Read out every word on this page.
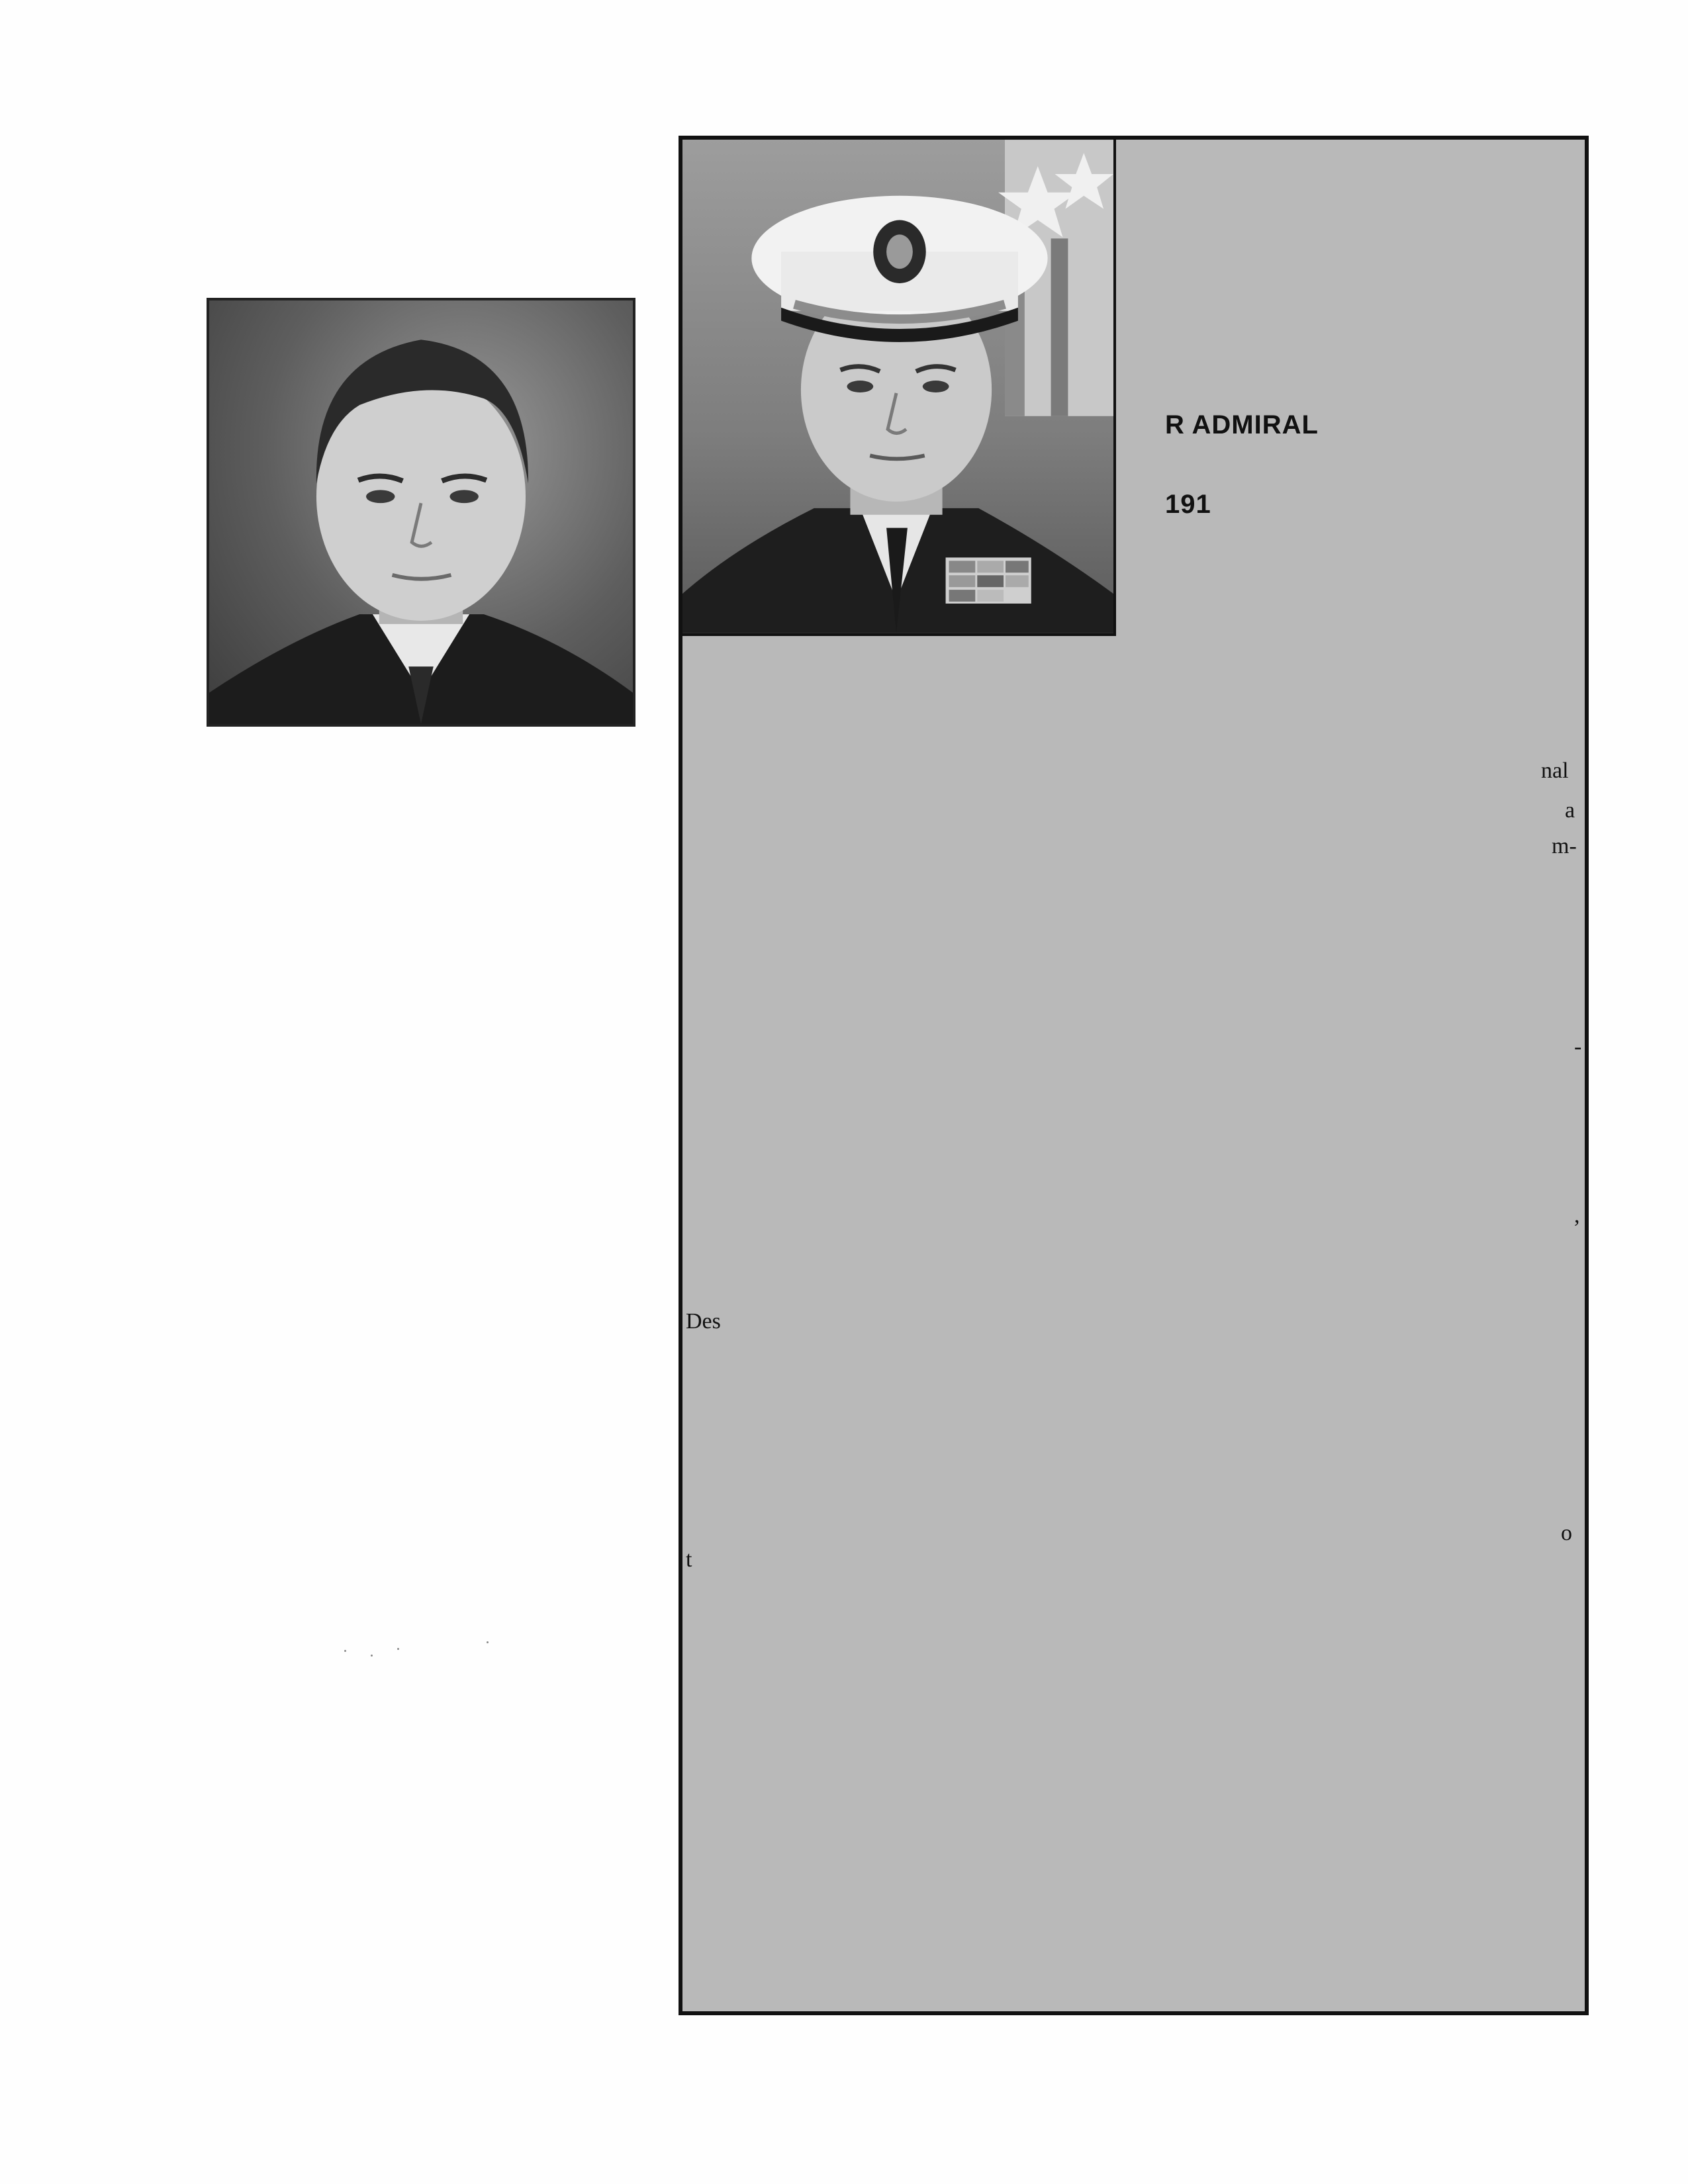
R ADMIRAL
191
nal
a
m-
-
,
o
Des
t
